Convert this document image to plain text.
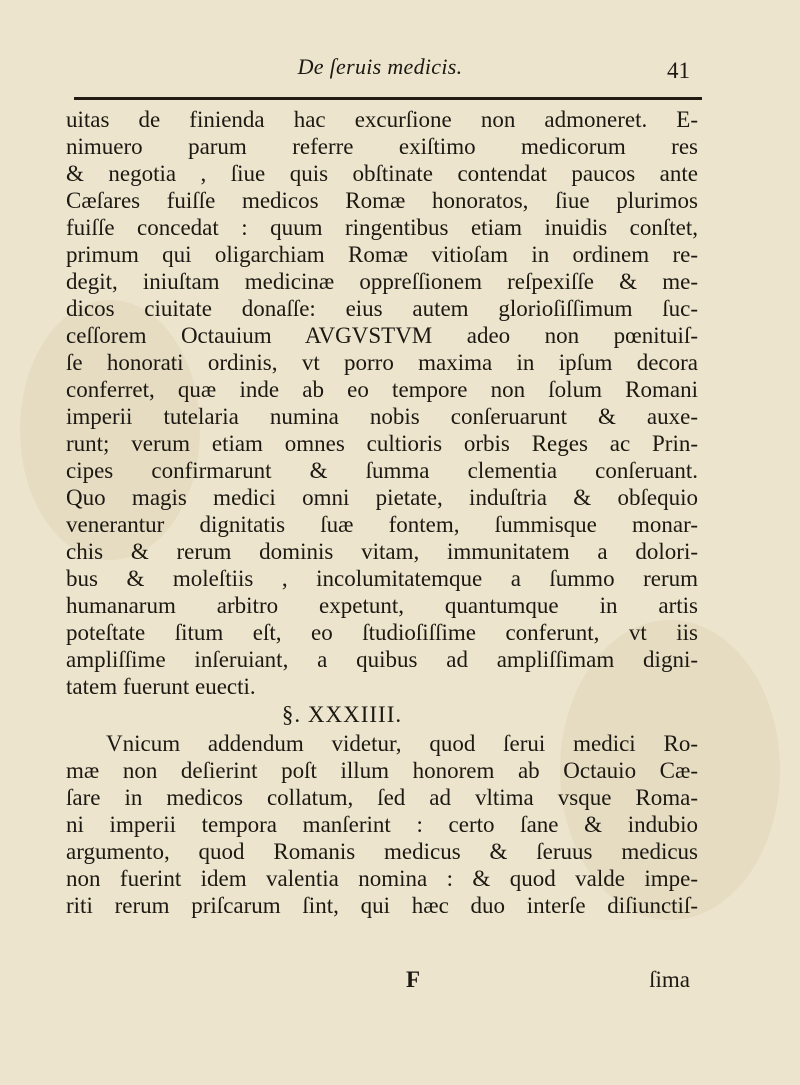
De ſeruis medicis.	41
uitas de finienda hac excurſione non admoneret. E-
nimuero parum referre exiſtimo medicorum res
& negotia , ſiue quis obſtinate contendat paucos ante
Cæſares fuiſſe medicos Romæ honoratos, ſiue plurimos
fuiſſe concedat : quum ringentibus etiam inuidis conſtet,
primum qui oligarchiam Romæ vitioſam in ordinem re-
degit, iniuſtam medicinæ oppreſſionem reſpexiſſe & me-
dicos ciuitate donaſſe: eius autem glorioſiſſimum ſuc-
ceſſorem Octauium AVGVSTVM adeo non pœnituiſ-
ſe honorati ordinis, vt porro maxima in ipſum decora
conferret, quæ inde ab eo tempore non ſolum Romani
imperii tutelaria numina nobis conſeruarunt & auxe-
runt; verum etiam omnes cultioris orbis Reges ac Prin-
cipes confirmarunt & ſumma clementia conſeruant.
Quo magis medici omni pietate, induſtria & obſequio
venerantur dignitatis ſuæ fontem, ſummisque monar-
chis & rerum dominis vitam, immunitatem a dolori-
bus & moleſtiis , incolumitatemque a ſummo rerum
humanarum arbitro expetunt, quantumque in artis
poteſtate ſitum eſt, eo ſtudioſiſſime conferunt, vt iis
ampliſſime inſeruiant, a quibus ad ampliſſimam digni-
tatem fuerunt euecti.
§. XXXIIII.
Vnicum addendum videtur, quod ſerui medici Ro-
mæ non deſierint poſt illum honorem ab Octauio Cæ-
ſare in medicos collatum, ſed ad vltima vsque Roma-
ni imperii tempora manſerint : certo ſane & indubio
argumento, quod Romanis medicus & ſeruus medicus
non fuerint idem valentia nomina : & quod valde impe-
riti rerum priſcarum ſint, qui hæc duo interſe diſiunctiſ-
F	ſima
